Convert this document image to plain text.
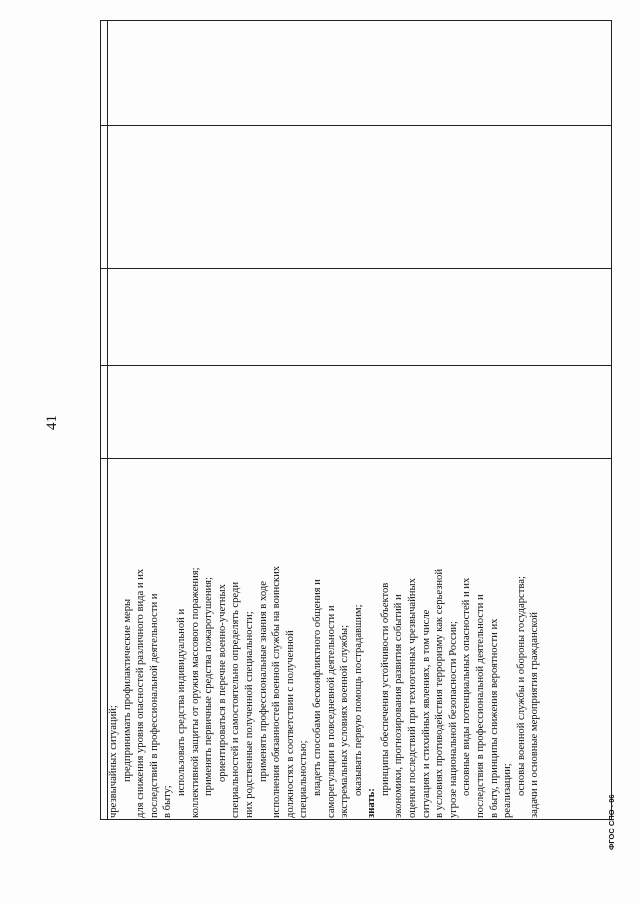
чрезвычайных ситуаций; предпринимать профилактические меры для снижения уровня опасностей различного вида и их последствий в профессиональной деятельности и в быту;
использовать средства индивидуальной и коллективной защиты от оружия массового поражения; применять первичные средства пожаротушения; ориентироваться в перечне военно-учетных специальностей и самостоятельно определять среди них родственные полученной специальности; применять профессиональные знания в ходе исполнения обязанностей военной службы на воинских должностях в соответствии с полученной специальностью; владеть способами бесконфликтного общения и саморегуляции в повседневной деятельности и экстремальных условиях военной службы; оказывать первую помощь пострадавшим;
знать:
принципы обеспечения устойчивости объектов экономики, прогнозирования развития событий и оценки последствий при техногенных чрезвычайных ситуациях и стихийных явлениях, в том числе в условиях противодействия терроризму как серьезной угрозе национальной безопасности России; основные виды потенциальных опасностей и их последствия в профессиональной деятельности и в быту, принципы снижения вероятности их реализации; основы военной службы и обороны государства; задачи и основные мероприятия гражданской
41
ФГОС СПО - 06
